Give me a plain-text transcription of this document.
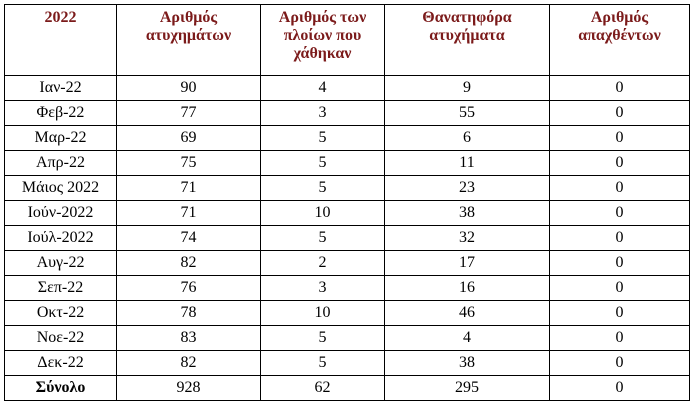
2022	Αριθμός ατυχημάτων	Αριθμός των πλοίων που χάθηκαν	Θανατηφόρα ατυχήματα	Αριθμός απαχθέντων
Ιαν-22	90	4	9	0
Φεβ-22	77	3	55	0
Μαρ-22	69	5	6	0
Απρ-22	75	5	11	0
Μάιος 2022	71	5	23	0
Ιούν-2022	71	10	38	0
Ιούλ-2022	74	5	32	0
Αυγ-22	82	2	17	0
Σεπ-22	76	3	16	0
Οκτ-22	78	10	46	0
Νοε-22	83	5	4	0
Δεκ-22	82	5	38	0
Σύνολο	928	62	295	0
